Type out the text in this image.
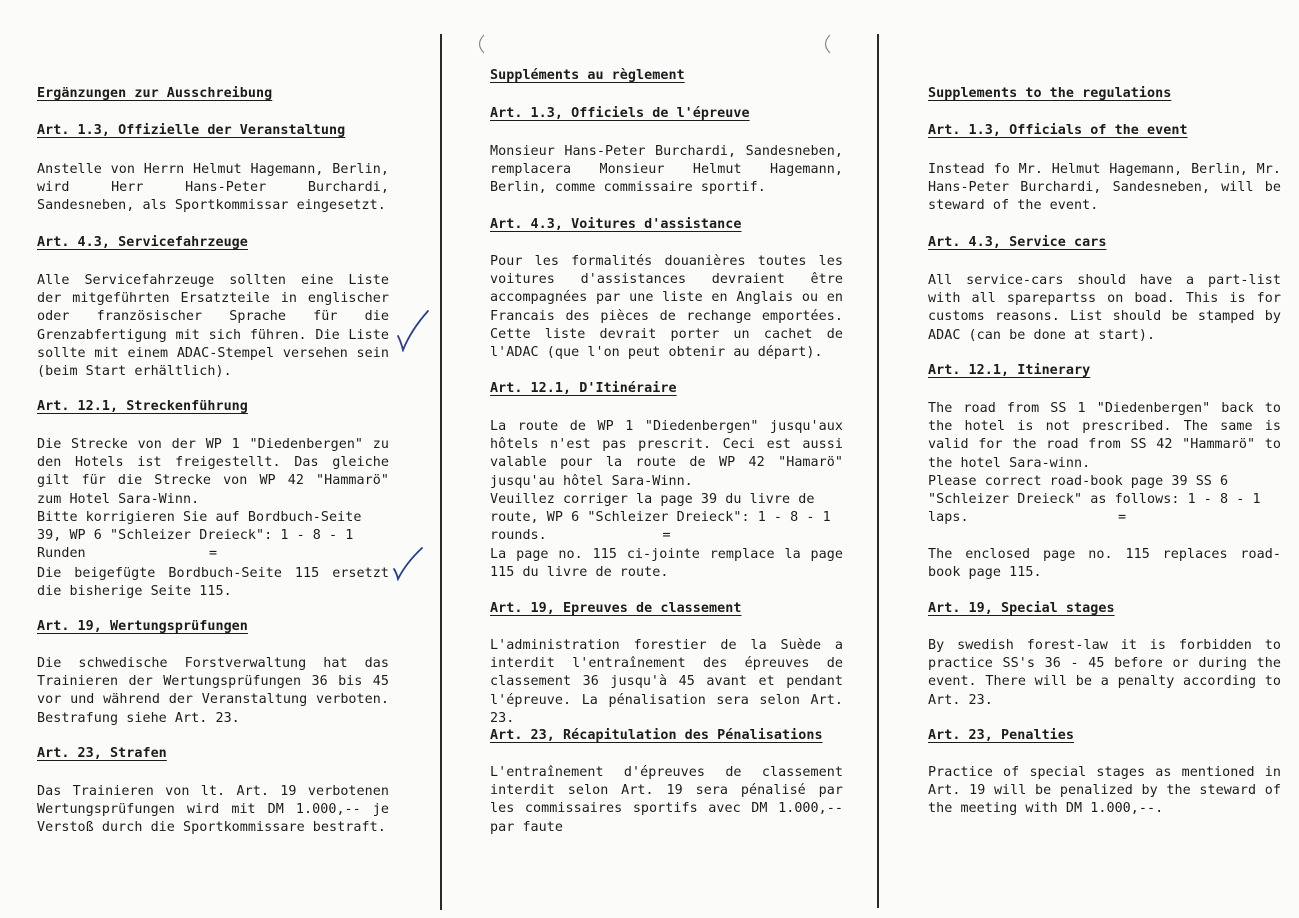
Ergänzungen zur Ausschreibung
Art. 1.3, Offizielle der Veranstaltung

Anstelle von Herrn Helmut Hagemann, Berlin, wird Herr Hans-Peter Burchardi, Sandesneben, als Sportkommissar eingesetzt.

Art. 4.3, Servicefahrzeuge

Alle Servicefahrzeuge sollten eine Liste der mitgeführten Ersatzteile in englischer oder französischer Sprache für die Grenzabfertigung mit sich führen. Die Liste sollte mit einem ADAC-Stempel versehen sein (beim Start erhältlich).

Art. 12.1, Streckenführung

Die Strecke von der WP 1 "Diedenbergen" zu den Hotels ist freigestellt. Das gleiche gilt für die Strecke von WP 42 "Hammarö" zum Hotel Sara-Winn.

Bitte korrigieren Sie auf Bordbuch-Seite 39, WP 6 "Schleizer Dreieck": 1 - 8 - 1 Runden	=

Die beigefügte Bordbuch-Seite 115 ersetzt die bisherige Seite 115.

Art. 19, Wertungsprüfungen

Die schwedische Forstverwaltung hat das Trainieren der Wertungsprüfungen 36 bis 45 vor und während der Veranstaltung verboten. Bestrafung siehe Art. 23.

Art. 23, Strafen

Das Trainieren von lt. Art. 19 verbotenen Wertungsprüfungen wird mit DM 1.000,-- je Verstoß durch die Sportkommissare bestraft.

Suppléments au règlement
Art. 1.3, Officiels de l'épreuve

Monsieur Hans-Peter Burchardi, Sandesneben, remplacera Monsieur Helmut Hagemann, Berlin, comme commissaire sportif.

Art. 4.3, Voitures d'assistance

Pour les formalités douanières toutes les voitures d'assistances devraient être accompagnées par une liste en Anglais ou en Francais des pièces de rechange emportées. Cette liste devrait porter un cachet de l'ADAC (que l'on peut obtenir au départ).

Art. 12.1, D'Itinéraire

La route de WP 1 "Diedenbergen" jusqu'aux hôtels n'est pas prescrit. Ceci est aussi valable pour la route de WP 42 "Hamarö" jusqu'au hôtel Sara-Winn.

Veuillez corriger la page 39 du livre de route, WP 6 "Schleizer Dreieck": 1 - 8 - 1 rounds.	=

La page no. 115 ci-jointe remplace la page 115 du livre de route.

Art. 19, Epreuves de classement

L'administration forestier de la Suède a interdit l'entraînement des épreuves de classement 36 jusqu'à 45 avant et pendant l'épreuve. La pénalisation sera selon Art. 23.

Art. 23, Récapitulation des Pénalisations

L'entraînement d'épreuves de classement interdit selon Art. 19 sera pénalisé par les commissaires sportifs avec DM 1.000,-- par faute

Supplements to the regulations
Art. 1.3, Officials of the event

Instead fo Mr. Helmut Hagemann, Berlin, Mr. Hans-Peter Burchardi, Sandesneben, will be steward of the event.

Art. 4.3, Service cars

All service-cars should have a part-list with all sparepartss on boad. This is for customs reasons. List should be stamped by ADAC (can be done at start).

Art. 12.1, Itinerary

The road from SS 1 "Diedenbergen" back to the hotel is not prescribed. The same is valid for the road from SS 42 "Hammarö" to the hotel Sara-winn.

Please correct road-book page 39 SS 6 "Schleizer Dreieck" as follows: 1 - 8 - 1 laps.	=

The enclosed page no. 115 replaces road-book page 115.

Art. 19, Special stages

By swedish forest-law it is forbidden to practice SS's 36 - 45 before or during the event. There will be a penalty according to Art. 23.

Art. 23, Penalties

Practice of special stages as mentioned in Art. 19 will be penalized by the steward of the meeting with DM 1.000,--.
